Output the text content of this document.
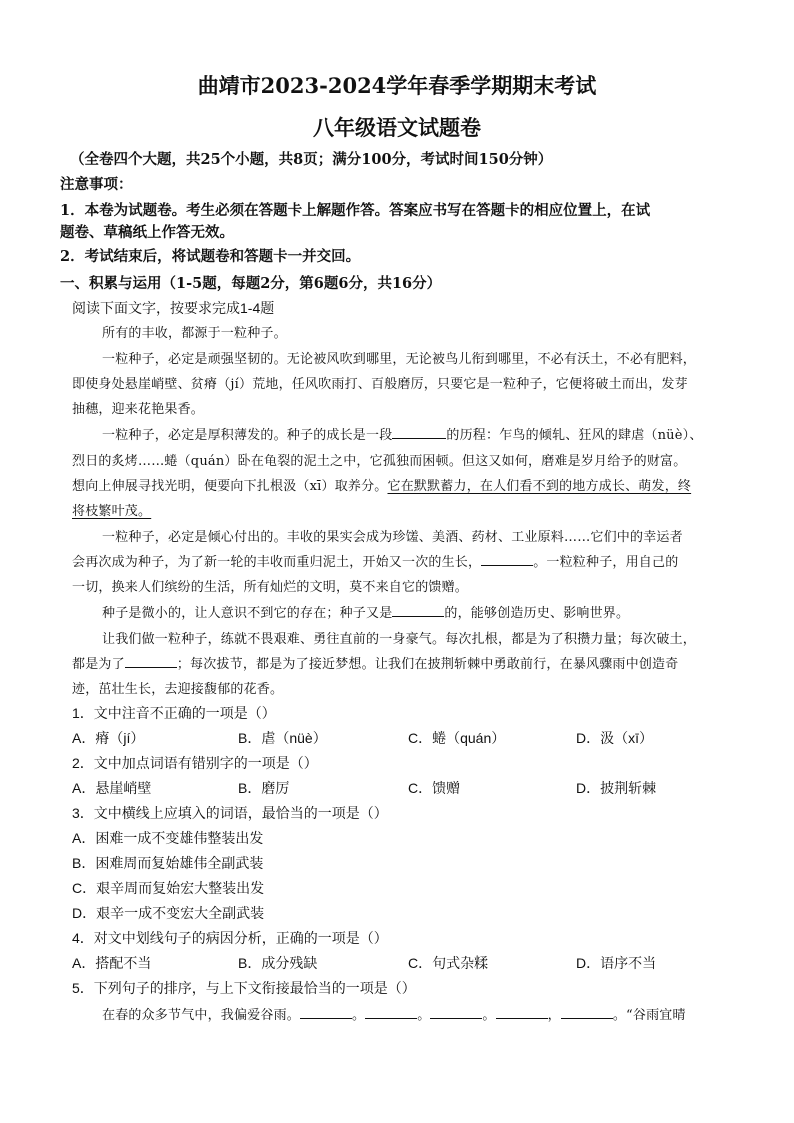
曲靖市2023-2024学年春季学期期末考试
八年级语文试题卷
（全卷四个大题，共25个小题，共8页；满分100分，考试时间150分钟）
注意事项：
1．本卷为试题卷。考生必须在答题卡上解题作答。答案应书写在答题卡的相应位置上，在试
题卷、草稿纸上作答无效。
2．考试结束后，将试题卷和答题卡一并交回。
一、积累与运用（1-5题，每题2分，第6题6分，共16分）
阅读下面文字，按要求完成1-4题
所有的丰收，都源于一粒种子。
一粒种子，必定是顽强坚韧的。无论被风吹到哪里，无论被鸟儿衔到哪里，不必有沃土，不必有肥料，
即使身处悬崖峭壁、贫瘠（jí）荒地，任风吹雨打、百般磨厉，只要它是一粒种子，它便将破土而出，发芽
抽穗，迎来花艳果香。
一粒种子，必定是厚积薄发的。种子的成长是一段	的历程：乍鸟的倾轧、狂风的肆虐（nüè）、
烈日的炙烤……蜷（quán）卧在龟裂的泥土之中，它孤独而困顿。但这又如何，磨难是岁月给予的财富。
想向上伸展寻找光明，便要向下扎根汲（xī）取养分。它在默默蓄力，在人们看不到的地方成长、萌发，终
将枝繁叶茂。
一粒种子，必定是倾心付出的。丰收的果实会成为珍馐、美酒、药材、工业原料……它们中的幸运者
会再次成为种子，为了新一轮的丰收而重归泥土，开始又一次的生长，	。一粒粒种子，用自己的
一切，换来人们缤纷的生活，所有灿烂的文明，莫不来自它的馈赠。
种子是微小的，让人意识不到它的存在；种子又是	的，能够创造历史、影响世界。
让我们做一粒种子，练就不畏艰难、勇往直前的一身豪气。每次扎根，都是为了积攒力量；每次破土，
都是为了	；每次拔节，都是为了接近梦想。让我们在披荆斩棘中勇敢前行，在暴风骤雨中创造奇
迹，茁壮生长，去迎接馥郁的花香。
1．文中注音不正确的一项是（）
A．瘠（jí）	B．虐（nüè）	C．蜷（quán）	D．汲（xī）
2．文中加点词语有错别字的一项是（）
A．悬崖峭壁	B．磨厉	C．馈赠	D．披荆斩棘
3．文中横线上应填入的词语，最恰当的一项是（）
A．困难一成不变雄伟整装出发
B．困难周而复始雄伟全副武装
C．艰辛周而复始宏大整装出发
D．艰辛一成不变宏大全副武装
4．对文中划线句子的病因分析，正确的一项是（）
A．搭配不当	B．成分残缺	C．句式杂糅	D．语序不当
5．下列句子的排序，与上下文衔接最恰当的一项是（）
在春的众多节气中，我偏爱谷雨。	。	。	。	，	。“谷雨宜晴
